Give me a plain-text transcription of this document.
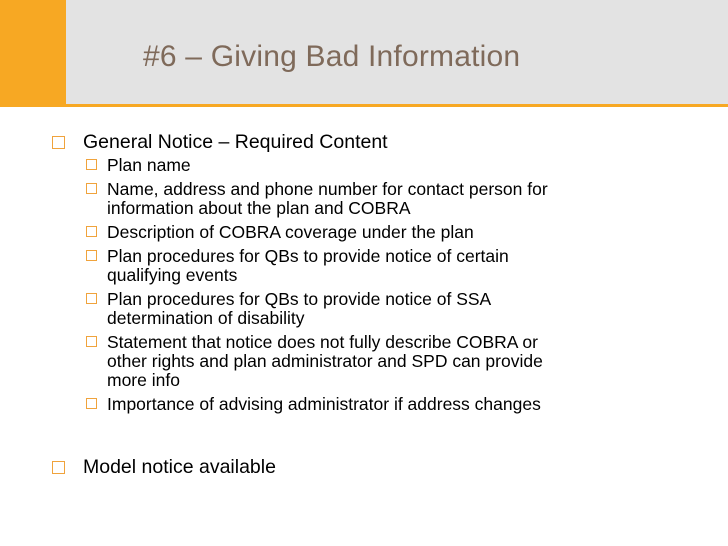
#6 – Giving Bad Information
General Notice – Required Content
Plan name
Name, address and phone number for contact person for
information about the plan and COBRA
Description of COBRA coverage under the plan
Plan procedures for QBs to provide notice of certain
qualifying events
Plan procedures for QBs to provide notice of SSA
determination of disability
Statement that notice does not fully describe COBRA or
other rights and plan administrator and SPD can provide
more info
Importance of advising administrator if address changes
Model notice available
